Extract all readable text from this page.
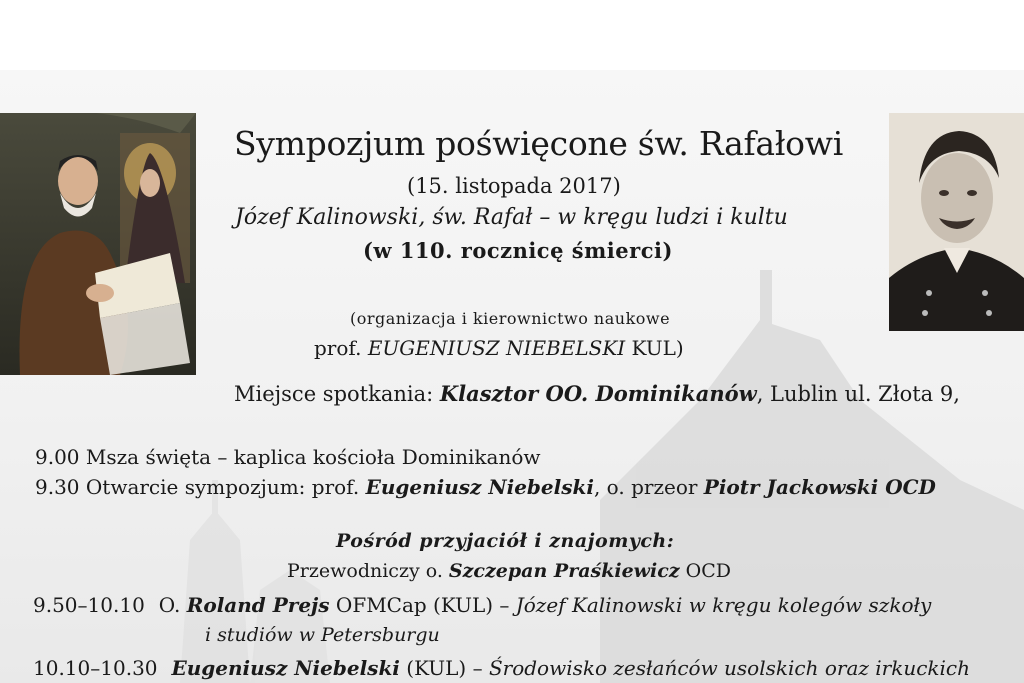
Sympozjum poświęcone św. Rafałowi
(15. listopada 2017)
Józef Kalinowski, św. Rafał – w kręgu ludzi i kultu
(w 110. rocznicę śmierci)
(organizacja i kierownictwo naukowe
prof. EUGENIUSZ NIEBELSKI KUL)
Miejsce spotkania: Klasztor OO. Dominikanów, Lublin ul. Złota 9,
9.00 Msza święta – kaplica kościoła Dominikanów
9.30 Otwarcie sympozjum: prof. Eugeniusz Niebelski, o. przeor Piotr Jackowski OCD
Pośród przyjaciół i znajomych:
Przewodniczy o. Szczepan Praśkiewicz OCD
9.50–10.10 O. Roland Prejs OFMCap (KUL) – Józef Kalinowski w kręgu kolegów szkoły
i studiów w Petersburgu
10.10–10.30 Eugeniusz Niebelski (KUL) – Środowisko zesłańców usolskich oraz irkuckich
